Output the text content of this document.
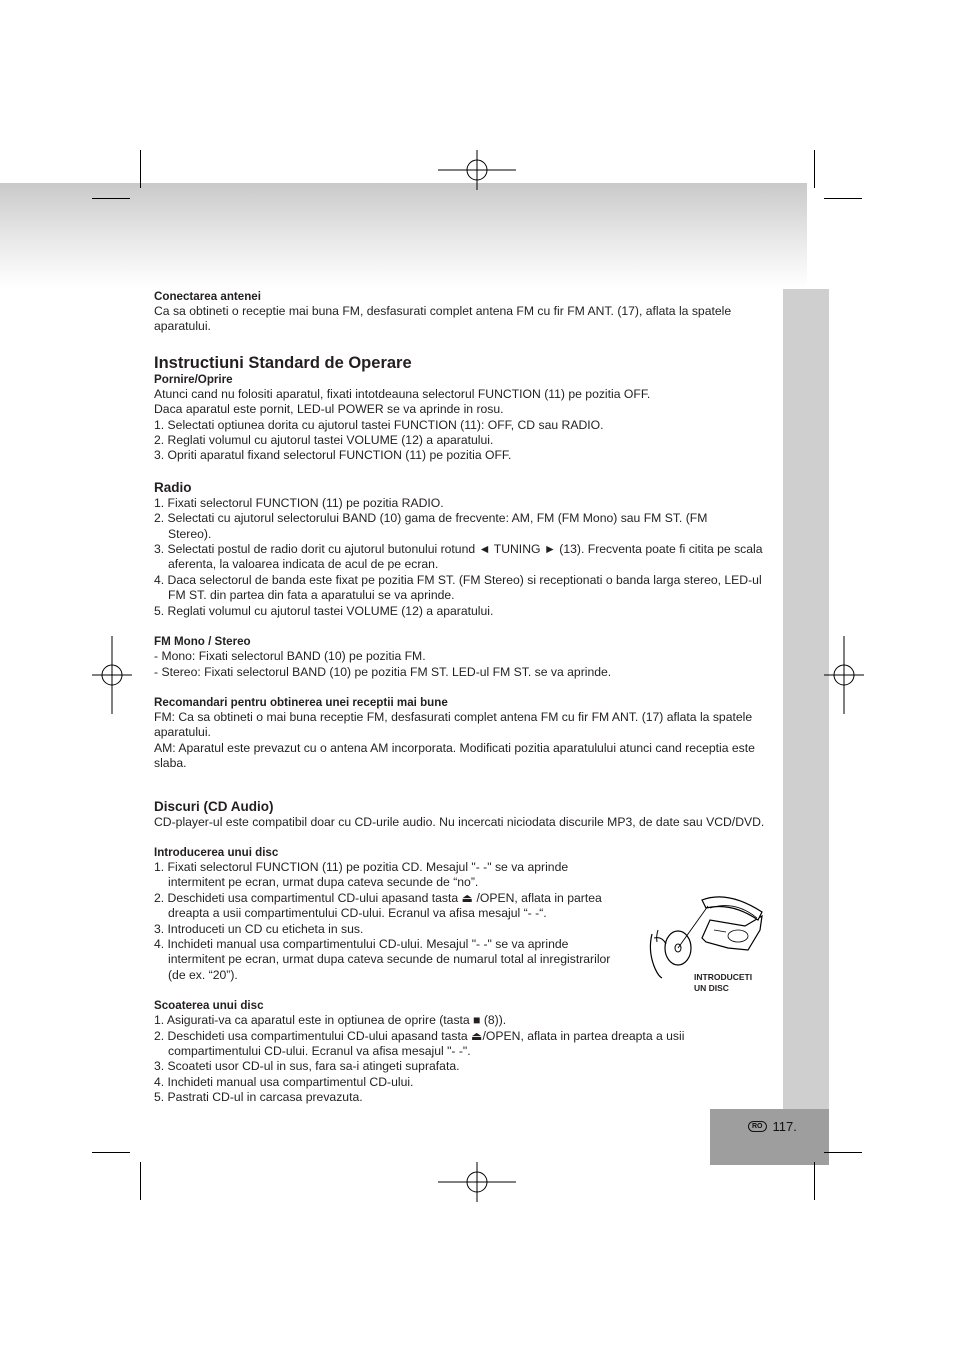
RO 117.
Conectarea antenei

Ca sa obtineti o receptie mai buna FM, desfasurati complet antena FM cu fir FM ANT. (17), aflata la spatele aparatului.

Instructiuni Standard de Operare
Pornire/Oprire

Atunci cand nu folositi aparatul, fixati intotdeauna selectorul FUNCTION (11) pe pozitia OFF.

Daca aparatul este pornit, LED-ul POWER se va aprinde in rosu.

1. Selectati optiunea dorita cu ajutorul tastei FUNCTION (11): OFF, CD sau RADIO.

2. Reglati volumul cu ajutorul tastei VOLUME (12) a aparatului.

3. Opriti aparatul fixand selectorul FUNCTION (11) pe pozitia OFF.

Radio

1. Fixati selectorul FUNCTION (11) pe pozitia RADIO.

2. Selectati cu ajutorul selectorului BAND (10) gama de frecvente: AM, FM (FM Mono) sau FM ST. (FM Stereo).

3. Selectati postul de radio dorit cu ajutorul butonului rotund ◄ TUNING ► (13). Frecventa poate fi citita pe scala aferenta, la valoarea indicata de acul de pe ecran.

4. Daca selectorul de banda este fixat pe pozitia FM ST. (FM Stereo) si receptionati o banda larga stereo, LED-ul FM ST. din partea din fata a aparatului se va aprinde.

5. Reglati volumul cu ajutorul tastei VOLUME (12) a aparatului.

FM Mono / Stereo

- Mono: Fixati selectorul BAND (10) pe pozitia FM.

- Stereo: Fixati selectorul BAND (10) pe pozitia FM ST. LED-ul FM ST. se va aprinde.

Recomandari pentru obtinerea unei receptii mai bune

FM: Ca sa obtineti o mai buna receptie FM, desfasurati complet antena FM cu fir FM ANT. (17) aflata la spatele aparatului.

AM: Aparatul este prevazut cu o antena AM incorporata. Modificati pozitia aparatulului atunci cand receptia este slaba.

Discuri (CD Audio)

CD-player-ul este compatibil doar cu CD-urile audio. Nu incercati niciodata discurile MP3, de date sau VCD/DVD.

Introducerea unui disc

1. Fixati selectorul FUNCTION (11) pe pozitia CD. Mesajul "- -" se va aprinde intermitent pe ecran, urmat dupa cateva secunde de “no”.

2. Deschideti usa compartimentul CD-ului apasand tasta ⏏ /OPEN, aflata in partea dreapta a usii compartimentului CD-ului. Ecranul va afisa mesajul “- -“.

3. Introduceti un CD cu eticheta in sus.

4. Inchideti manual usa compartimentului CD-ului. Mesajul "- -" se va aprinde intermitent pe ecran, urmat dupa cateva secunde de numarul total al inregistrarilor (de ex. “20”).

Scoaterea unui disc

1. Asigurati-va ca aparatul este in optiunea de oprire (tasta ■ (8)).

2. Deschideti usa compartimentului CD-ului apasand tasta ⏏/OPEN, aflata in partea dreapta a usii compartimentului CD-ului. Ecranul va afisa mesajul "- -".

3. Scoateti usor CD-ul in sus, fara sa-i atingeti suprafata.

4. Inchideti manual usa compartimentul CD-ului.

5. Pastrati CD-ul in carcasa prevazuta.

INTRODUCETI
UN DISC
